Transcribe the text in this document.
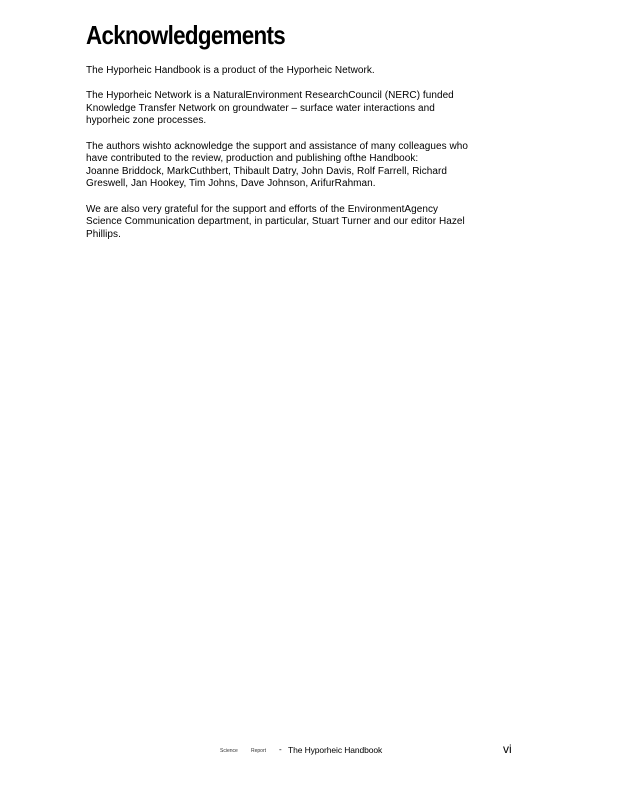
Acknowledgements

The Hyporheic Handbook is a product of the Hyporheic Network.

The Hyporheic Network is a NaturalEnvironment ResearchCouncil (NERC) funded
Knowledge Transfer Network on groundwater – surface water interactions and
hyporheic zone processes.

The authors wishto acknowledge the support and assistance of many colleagues who
have contributed to the review, production and publishing ofthe Handbook:
Joanne Briddock, MarkCuthbert, Thibault Datry, John Davis, Rolf Farrell, Richard
Greswell, Jan Hookey, Tim Johns, Dave Johnson, ArifurRahman.

We are also very grateful for the support and efforts of the EnvironmentAgency
Science Communication department, in particular, Stuart Turner and our editor Hazel
Phillips.

Science	Report - The Hyporheic Handbook	vi
